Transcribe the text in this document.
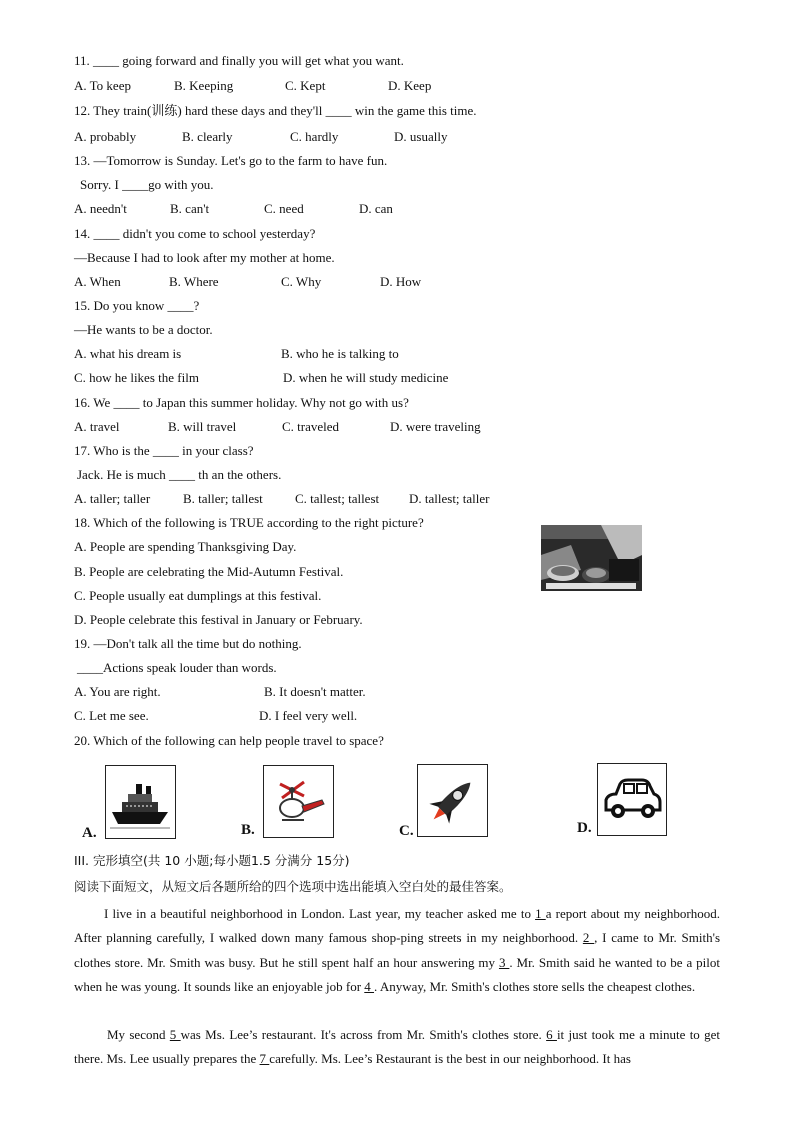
11. ____ going forward and finally you will get what you want.
A. To keep	B. Keeping	C. Kept	D. Keep
12. They train(训练) hard these days and they'll ____ win the game this time.
A. probably	B. clearly	C. hardly	D. usually
13. —Tomorrow is Sunday. Let's go to the farm to have fun.
Sorry. I ____go with you.
A. needn't	B. can't	C. need	D. can
14. ____ didn't you come to school yesterday?
—Because I had to look after my mother at home.
A. When	B. Where	C. Why	D. How
15. Do you know ____?
—He wants to be a doctor.
A. what his dream is	B. who he is talking to
C. how he likes the film	D. when he will study medicine
16. We ____ to Japan this summer holiday. Why not go with us?
A. travel	B. will travel	C. traveled	D. were traveling
17. Who is the ____ in your class?
Jack. He is much ____ th an the others.
A. taller; taller	B. taller; tallest C. tallest; tallest D. tallest; taller
18. Which of the following is TRUE according to the right picture?
A. People are spending Thanksgiving Day.
B. People are celebrating the Mid-Autumn Festival.
C. People usually eat dumplings at this festival.
D. People celebrate this festival in January or February.
19. —Don't talk all the time but do nothing.
____Actions speak louder than words.
A. You are right.	B. It doesn't matter.
C. Let me see.	D. I feel very well.
20. Which of the following can help people travel to space?
A.	B.	C.	D.
III. 完形填空(共 10 小题;每小题1.5 分满分 15分)
阅读下面短文，从短文后各题所给的四个选项中选出能填入空白处的最佳答案。
I live in a beautiful neighborhood in London. Last year, my teacher asked me to 1 a report about my neighborhood. After planning carefully, I walked down many famous shop-ping streets in my neighborhood. 2 , I came to Mr. Smith's clothes store. Mr. Smith was busy. But he still spent half an hour answering my 3 . Mr. Smith said he wanted to be a pilot when he was young. It sounds like an enjoyable job for 4 . Anyway, Mr. Smith's clothes store sells the cheapest clothes.
My second 5 was Ms. Lee’s restaurant. It's across from Mr. Smith's clothes store. 6 it just took me a minute to get there. Ms. Lee usually prepares the 7 carefully. Ms. Lee’s Restaurant is the best in our neighborhood. It has
